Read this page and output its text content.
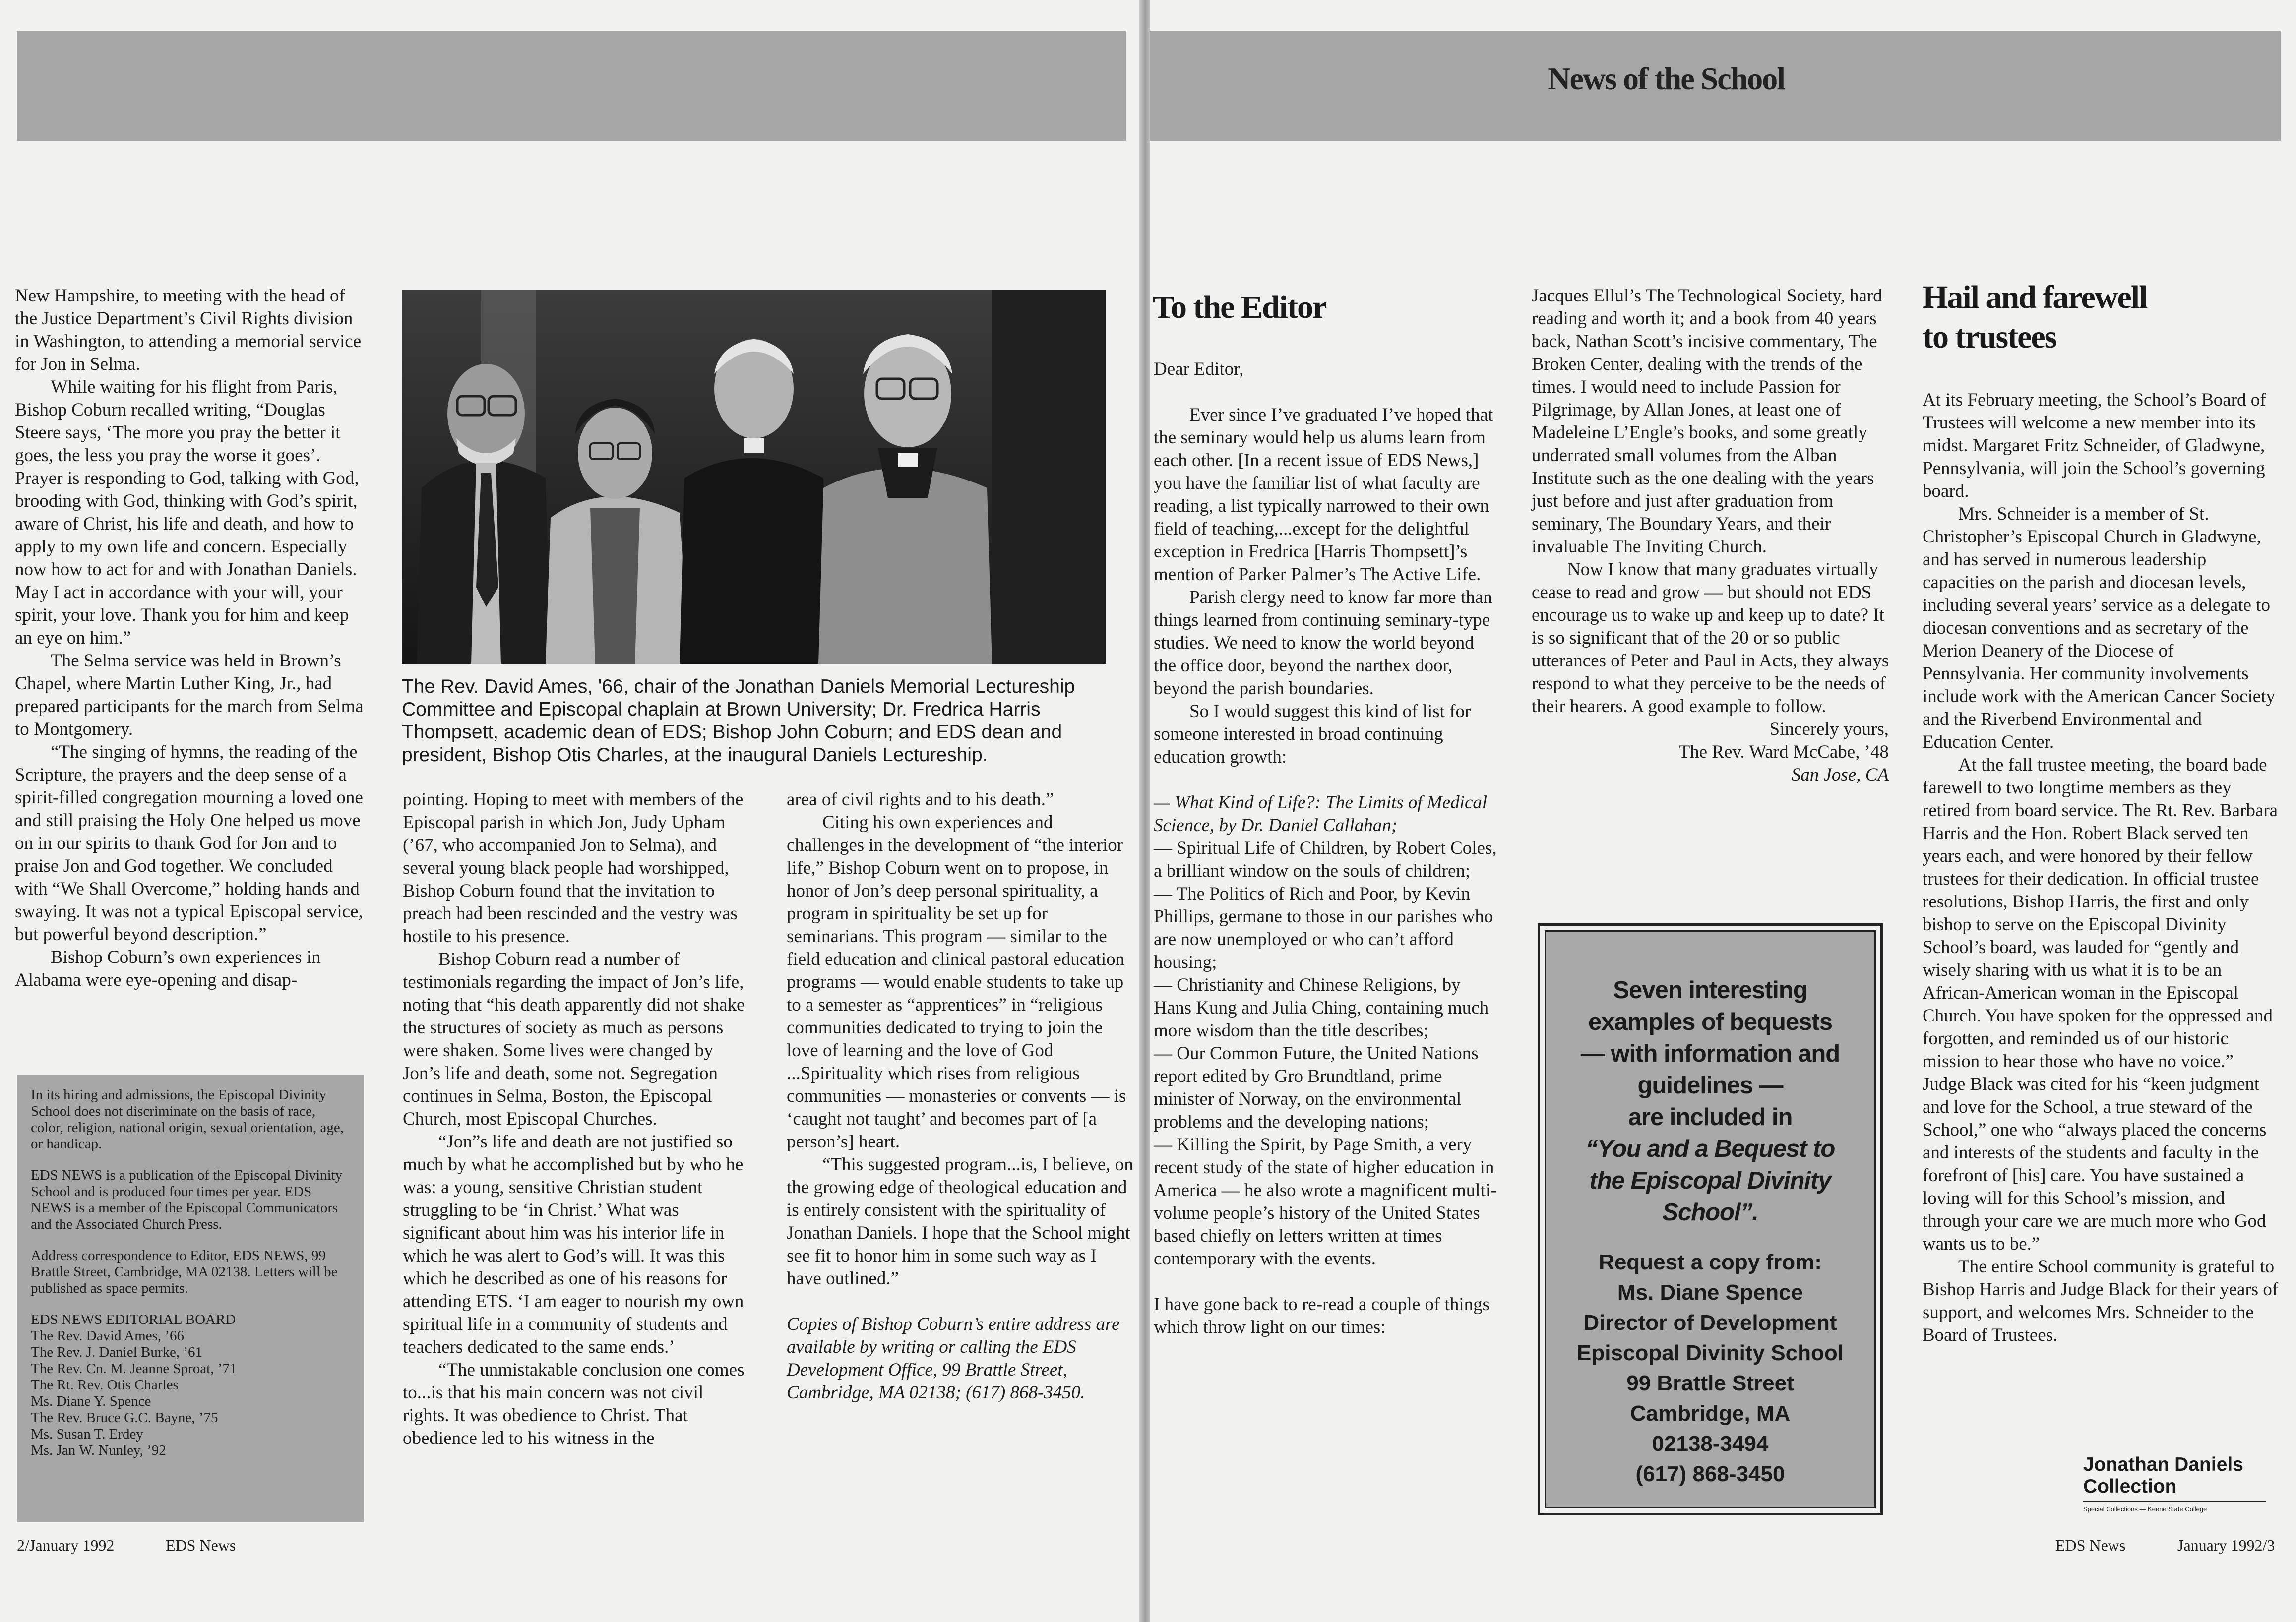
New Hampshire, to meeting with the head of the Justice Department’s Civil Rights division in Washington, to attending a memorial service for Jon in Selma.

While waiting for his flight from Paris, Bishop Coburn recalled writing, “Douglas Steere says, ‘The more you pray the better it goes, the less you pray the worse it goes’. Prayer is responding to God, talking with God, brooding with God, thinking with God’s spirit, aware of Christ, his life and death, and how to apply to my own life and concern. Especially now how to act for and with Jonathan Daniels. May I act in accordance with your will, your spirit, your love. Thank you for him and keep an eye on him.”

The Selma service was held in Brown’s Chapel, where Martin Luther King, Jr., had prepared participants for the march from Selma to Montgomery.

“The singing of hymns, the reading of the Scripture, the prayers and the deep sense of a spirit-filled congregation mourning a loved one and still praising the Holy One helped us move on in our spirits to thank God for Jon and to praise Jon and God together. We concluded with “We Shall Overcome,” holding hands and swaying. It was not a typical Episcopal service, but powerful beyond description.”

Bishop Coburn’s own experiences in Alabama were eye-opening and disap-

The Rev. David Ames, '66, chair of the Jonathan Daniels Memorial Lectureship Committee and Episcopal chaplain at Brown University; Dr. Fredrica Harris Thompsett, academic dean of EDS; Bishop John Coburn; and EDS dean and president, Bishop Otis Charles, at the inaugural Daniels Lectureship.

pointing. Hoping to meet with members of the Episcopal parish in which Jon, Judy Upham (’67, who accompanied Jon to Selma), and several young black people had worshipped, Bishop Coburn found that the invitation to preach had been rescinded and the vestry was hostile to his presence.

Bishop Coburn read a number of testimonials regarding the impact of Jon’s life, noting that “his death apparently did not shake the structures of society as much as persons were shaken. Some lives were changed by Jon’s life and death, some not. Segregation continues in Selma, Boston, the Episcopal Church, most Episcopal Churches.

“Jon”s life and death are not justified so much by what he accomplished but by who he was: a young, sensitive Christian student struggling to be ‘in Christ.’ What was significant about him was his interior life in which he was alert to God’s will. It was this which he described as one of his reasons for attending ETS. ‘I am eager to nourish my own spiritual life in a community of students and teachers dedicated to the same ends.’

“The unmistakable conclusion one comes to...is that his main concern was not civil rights. It was obedience to Christ. That obedience led to his witness in the

area of civil rights and to his death.”

Citing his own experiences and challenges in the development of “the interior life,” Bishop Coburn went on to propose, in honor of Jon’s deep personal spirituality, a program in spirituality be set up for seminarians. This program — similar to the field education and clinical pastoral education programs — would enable students to take up to a semester as “apprentices” in “religious communities dedicated to trying to join the love of learning and the love of God ...Spirituality which rises from religious communities — monasteries or convents — is ‘caught not taught’ and becomes part of [a person’s] heart.

“This suggested program...is, I believe, on the growing edge of theological education and is entirely consistent with the spirituality of Jonathan Daniels. I hope that the School might see fit to honor him in some such way as I have outlined.”

Copies of Bishop Coburn’s entire address are available by writing or calling the EDS Development Office, 99 Brattle Street, Cambridge, MA 02138; (617) 868-3450.

In its hiring and admissions, the Episcopal Divinity School does not discriminate on the basis of race, color, religion, national origin, sexual orientation, age, or handicap.

EDS NEWS is a publication of the Episcopal Divinity School and is produced four times per year. EDS NEWS is a member of the Episcopal Communicators and the Associated Church Press.

Address correspondence to Editor, EDS NEWS, 99 Brattle Street, Cambridge, MA 02138. Letters will be published as space permits.

EDS NEWS EDITORIAL BOARD

The Rev. David Ames, ’66

The Rev. J. Daniel Burke, ’61

The Rev. Cn. M. Jeanne Sproat, ’71

The Rt. Rev. Otis Charles

Ms. Diane Y. Spence

The Rev. Bruce G.C. Bayne, ’75

Ms. Susan T. Erdey

Ms. Jan W. Nunley, ’92

2/January 1992	EDS News
News of the School
To the Editor

Dear Editor,

Ever since I’ve graduated I’ve hoped that the seminary would help us alums learn from each other. [In a recent issue of EDS News,] you have the familiar list of what faculty are reading, a list typically narrowed to their own field of teaching,...except for the delightful exception in Fredrica [Harris Thompsett]’s mention of Parker Palmer’s The Active Life.

Parish clergy need to know far more than things learned from continuing seminary-type studies. We need to know the world beyond the office door, beyond the narthex door, beyond the parish boundaries.

So I would suggest this kind of list for someone interested in broad continuing education growth:

— What Kind of Life?: The Limits of Medical Science, by Dr. Daniel Callahan;

— Spiritual Life of Children, by Robert Coles, a brilliant window on the souls of children;

— The Politics of Rich and Poor, by Kevin Phillips, germane to those in our parishes who are now unemployed or who can’t afford housing;

— Christianity and Chinese Religions, by Hans Kung and Julia Ching, containing much more wisdom than the title describes;

— Our Common Future, the United Nations report edited by Gro Brundtland, prime minister of Norway, on the environmental problems and the developing nations;

— Killing the Spirit, by Page Smith, a very recent study of the state of higher education in America — he also wrote a magnificent multi-volume people’s history of the United States based chiefly on letters written at times contemporary with the events.

I have gone back to re-read a couple of things which throw light on our times:

Jacques Ellul’s The Technological Society, hard reading and worth it; and a book from 40 years back, Nathan Scott’s incisive commentary, The Broken Center, dealing with the trends of the times. I would need to include Passion for Pilgrimage, by Allan Jones, at least one of Madeleine L’Engle’s books, and some greatly underrated small volumes from the Alban Institute such as the one dealing with the years just before and just after graduation from seminary, The Boundary Years, and their invaluable The Inviting Church.

Now I know that many graduates virtually cease to read and grow — but should not EDS encourage us to wake up and keep up to date? It is so significant that of the 20 or so public utterances of Peter and Paul in Acts, they always respond to what they perceive to be the needs of their hearers. A good example to follow.

Sincerely yours,

The Rev. Ward McCabe, ’48

San Jose, CA

Seven interesting
examples of bequests
— with information and
guidelines —
are included in
“You and a Bequest to
the Episcopal Divinity
School”.
Request a copy from:
Ms. Diane Spence
Director of Development
Episcopal Divinity School
99 Brattle Street
Cambridge, MA
02138-3494
(617) 868-3450
Hail and farewell
to trustees

At its February meeting, the School’s Board of Trustees will welcome a new member into its midst. Margaret Fritz Schneider, of Gladwyne, Pennsylvania, will join the School’s governing board.

Mrs. Schneider is a member of St. Christopher’s Episcopal Church in Gladwyne, and has served in numerous leadership capacities on the parish and diocesan levels, including several years’ service as a delegate to diocesan conventions and as secretary of the Merion Deanery of the Diocese of Pennsylvania. Her community involvements include work with the American Cancer Society and the Riverbend Environmental and Education Center.

At the fall trustee meeting, the board bade farewell to two longtime members as they retired from board service. The Rt. Rev. Barbara Harris and the Hon. Robert Black served ten years each, and were honored by their fellow trustees for their dedication. In official trustee resolutions, Bishop Harris, the first and only bishop to serve on the Episcopal Divinity School’s board, was lauded for “gently and wisely sharing with us what it is to be an African-American woman in the Episcopal Church. You have spoken for the oppressed and forgotten, and reminded us of our historic mission to hear those who have no voice.” Judge Black was cited for his “keen judgment and love for the School, a true steward of the School,” one who “always placed the concerns and interests of the students and faculty in the forefront of [his] care. You have sustained a loving will for this School’s mission, and through your care we are much more who God wants us to be.”

The entire School community is grateful to Bishop Harris and Judge Black for their years of support, and welcomes Mrs. Schneider to the Board of Trustees.

Jonathan Daniels
Collection
Special Collections — Keene State College
EDS News	January 1992/3
